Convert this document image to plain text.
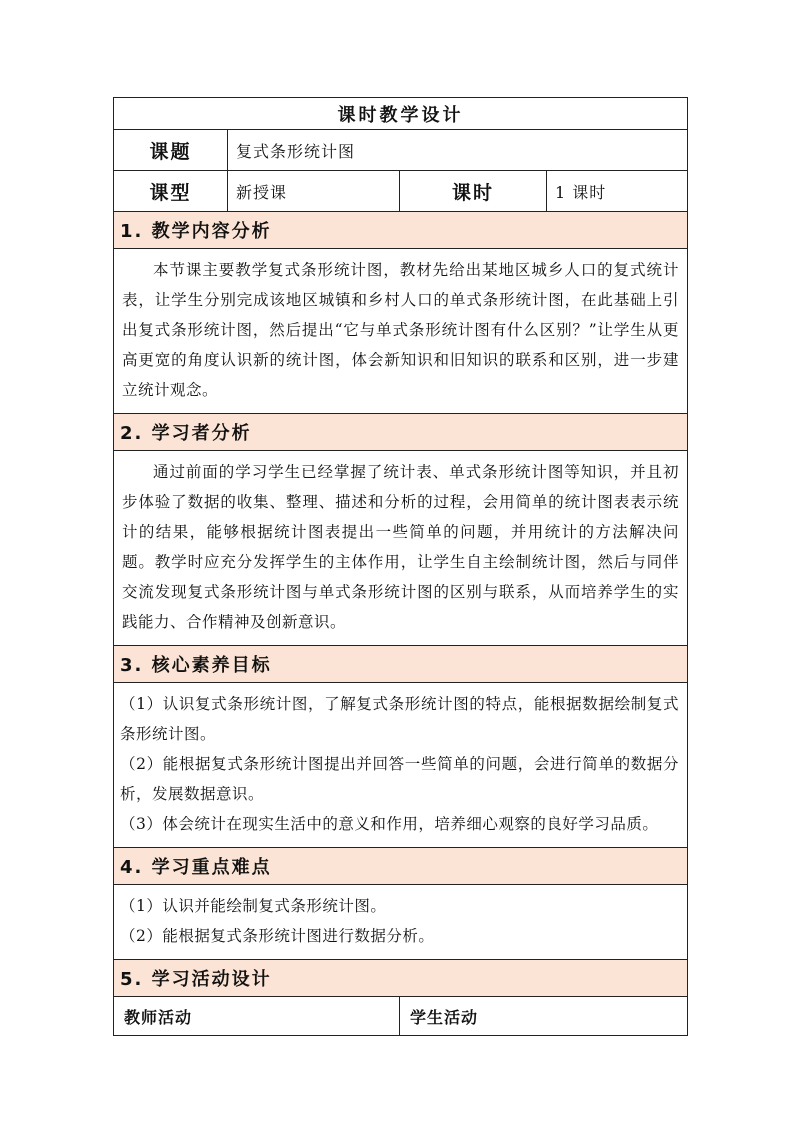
课时教学设计			
课题	复式条形统计图		
课型	新授课	课时	1 课时
1. 教学内容分析			

本节课主要教学复式条形统计图，教材先给出某地区城乡人口的复式统计表，让学生分别完成该地区城镇和乡村人口的单式条形统计图，在此基础上引出复式条形统计图，然后提出“它与单式条形统计图有什么区别？”让学生从更高更宽的角度认识新的统计图，体会新知识和旧知识的联系和区别，进一步建立统计观念。			

2. 学习者分析			

通过前面的学习学生已经掌握了统计表、单式条形统计图等知识，并且初步体验了数据的收集、整理、描述和分析的过程，会用简单的统计图表表示统计的结果，能够根据统计图表提出一些简单的问题，并用统计的方法解决问题。教学时应充分发挥学生的主体作用，让学生自主绘制统计图，然后与同伴交流发现复式条形统计图与单式条形统计图的区别与联系，从而培养学生的实践能力、合作精神及创新意识。			

3. 核心素养目标			

（1）认识复式条形统计图，了解复式条形统计图的特点，能根据数据绘制复式条形统计图。

（2）能根据复式条形统计图提出并回答一些简单的问题，会进行简单的数据分析，发展数据意识。

（3）体会统计在现实生活中的意义和作用，培养细心观察的良好学习品质。			

4. 学习重点难点			

（1）认识并能绘制复式条形统计图。

（2）能根据复式条形统计图进行数据分析。			

5. 学习活动设计			
教师活动		学生活动	
